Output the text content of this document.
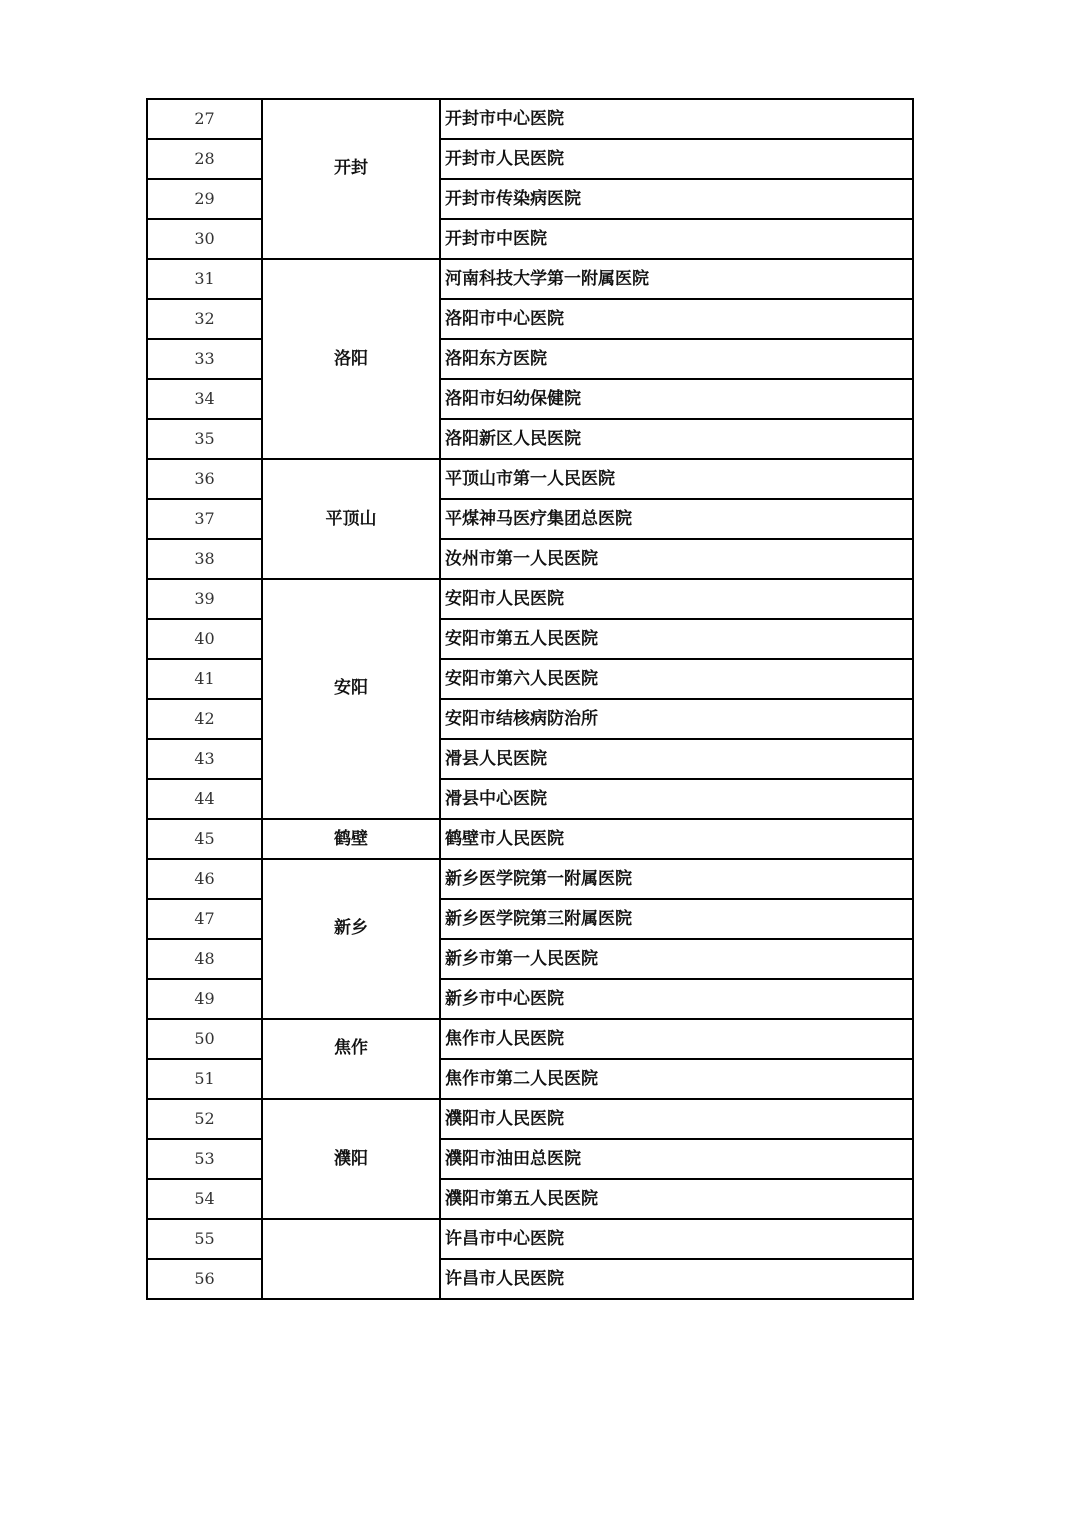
27	开封	开封市中心医院
28		开封市人民医院
29		开封市传染病医院
30		开封市中医院
31	洛阳	河南科技大学第一附属医院
32		洛阳市中心医院
33		洛阳东方医院
34		洛阳市妇幼保健院
35		洛阳新区人民医院
36	平顶山	平顶山市第一人民医院
37		平煤神马医疗集团总医院
38		汝州市第一人民医院
39	安阳	安阳市人民医院
40		安阳市第五人民医院
41		安阳市第六人民医院
42		安阳市结核病防治所
43		滑县人民医院
44		滑县中心医院
45	鹤壁	鹤壁市人民医院
46	新乡	新乡医学院第一附属医院
47		新乡医学院第三附属医院
48		新乡市第一人民医院
49		新乡市中心医院
50	焦作	焦作市人民医院
51		焦作市第二人民医院
52	濮阳	濮阳市人民医院
53		濮阳市油田总医院
54		濮阳市第五人民医院
55		许昌市中心医院
56		许昌市人民医院
